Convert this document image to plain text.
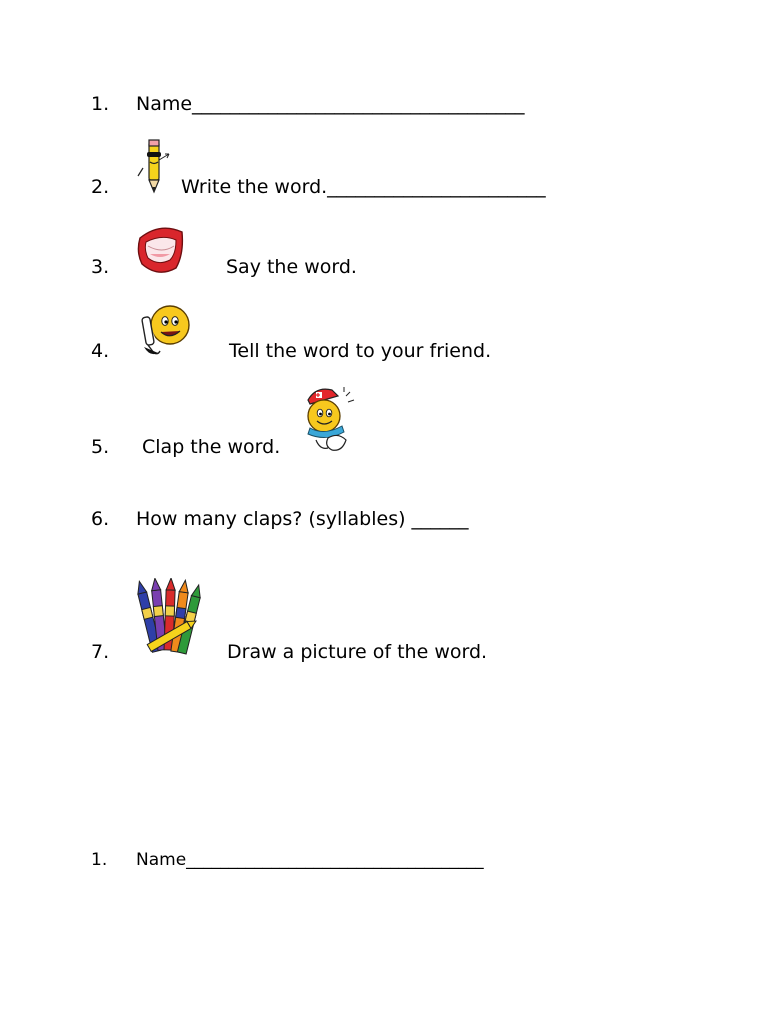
1. Name___________________________________
2.	Write the word._______________________
3.	Say the word.
4.	Tell the word to your friend.
5. Clap the word.
6. How many claps? (syllables) ______
7.	Draw a picture of the word.
1. Name___________________________________
